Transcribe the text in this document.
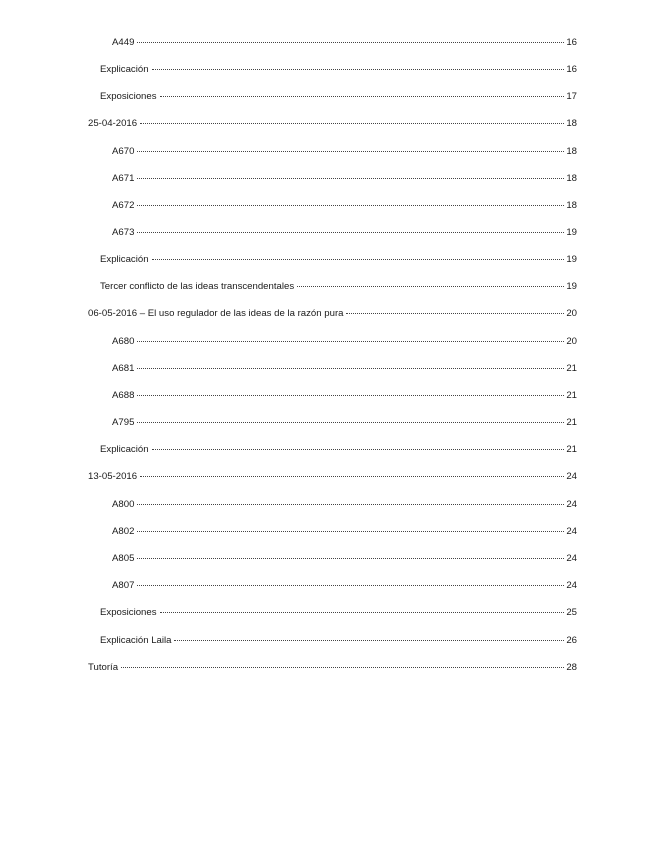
A449	16
Explicación	16
Exposiciones	17
25-04-2016	18
A670	18
A671	18
A672	18
A673	19
Explicación	19
Tercer conflicto de las ideas transcendentales	19
06-05-2016 – El uso regulador de las ideas de la razón pura	20
A680	20
A681	21
A688	21
A795	21
Explicación	21
13-05-2016	24
A800	24
A802	24
A805	24
A807	24
Exposiciones	25
Explicación Laila	26
Tutoría	28
